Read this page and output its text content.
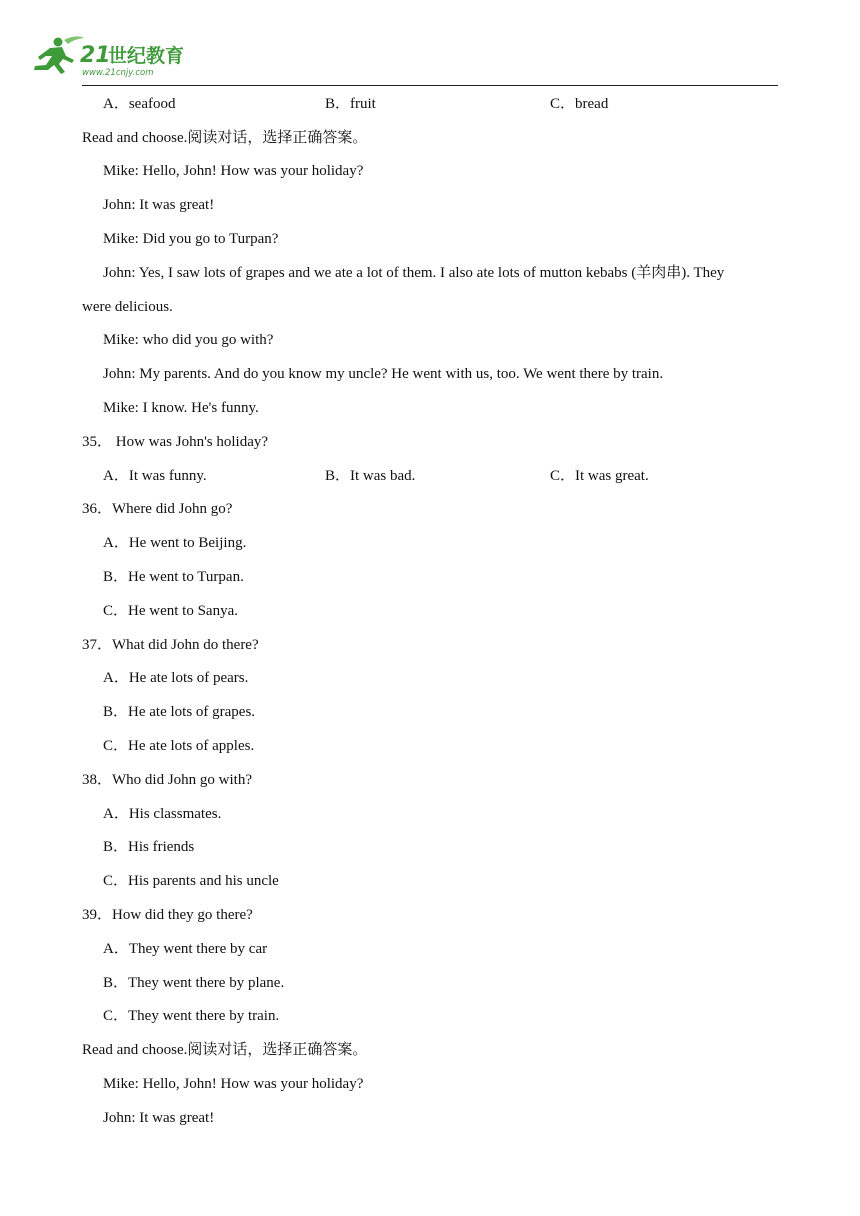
21
世纪教育
www.21cnjy.com
A．seafood	B．fruit	C．bread
Read and choose.阅读对话，选择正确答案。
Mike: Hello, John! How was your holiday?
John: It was great!
Mike: Did you go to Turpan?
John: Yes, I saw lots of grapes and we ate a lot of them. I also ate lots of mutton kebabs (羊肉串). They
were delicious.
Mike: who did you go with?
John: My parents. And do you know my uncle? He went with us, too. We went there by train.
Mike: I know. He's funny.
35． How was John's holiday?
A．It was funny.	B．It was bad.	C．It was great.
36．Where did John go?
A．He went to Beijing.
B．He went to Turpan.
C．He went to Sanya.
37．What did John do there?
A．He ate lots of pears.
B．He ate lots of grapes.
C．He ate lots of apples.
38．Who did John go with?
A．His classmates.
B．His friends
C．His parents and his uncle
39．How did they go there?
A．They went there by car
B．They went there by plane.
C．They went there by train.
Read and choose.阅读对话，选择正确答案。
Mike: Hello, John! How was your holiday?
John: It was great!
